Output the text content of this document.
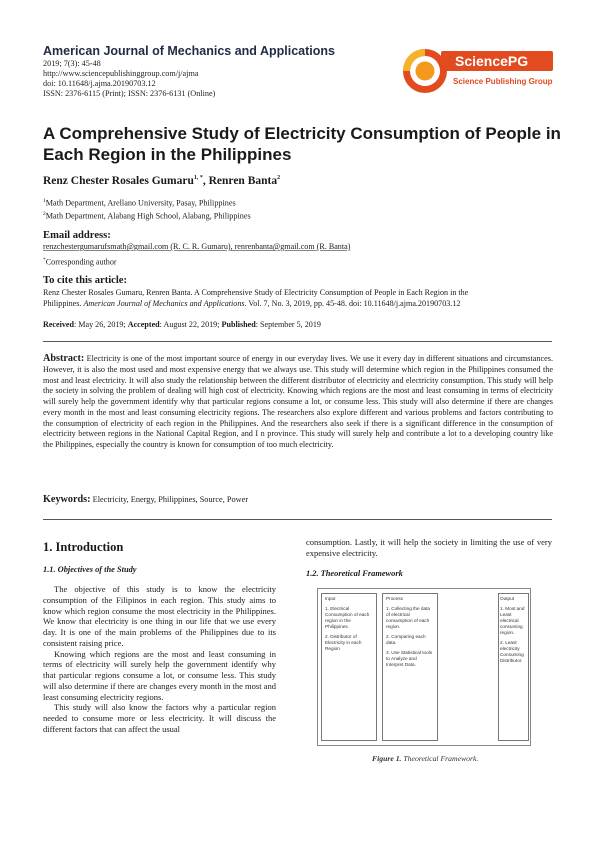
American Journal of Mechanics and Applications
2019; 7(3): 45-48
http://www.sciencepublishinggroup.com/j/ajma
doi: 10.11648/j.ajma.20190703.12
ISSN: 2376-6115 (Print); ISSN: 2376-6131 (Online)
SciencePG
Science Publishing Group
A Comprehensive Study of Electricity Consumption of People in Each Region in the Philippines
Renz Chester Rosales Gumaru$^{1, *}$, Renren Banta$^2$
$^1$Math Department, Arellano University, Pasay, Philippines
$^2$Math Department, Alabang High School, Alabang, Philippines
Email address:
renzchestergumarufsmath@gmail.com (R. C. R. Gumaru), renrenbanta@gmail.com (R. Banta)
*Corresponding author
To cite this article:
Renz Chester Rosales Gumaru, Renren Banta. A Comprehensive Study of Electricity Consumption of People in Each Region in the
Philippines. American Journal of Mechanics and Applications. Vol. 7, No. 3, 2019, pp. 45-48. doi: 10.11648/j.ajma.20190703.12
Received: May 26, 2019; Accepted: August 22, 2019; Published: September 5, 2019
Abstract: Electricity is one of the most important source of energy in our everyday lives. We use it every day in different situations and circumstances. However, it is also the most used and most expensive energy that we always use. This study will determine which region in the Philippines consumed the most and least electricity. It will also study the relationship between the different distributor of electricity and electricity consumption. This study will help the society in solving the problem of dealing will high cost of electricity. Knowing which regions are the most and least consuming in terms of electricity will surely help the government identify why that particular regions consume a lot, or consume less. This study will also determine if there are changes every month in the most and least consuming electricity regions. The researchers also explore different and various problems and factors contributing to the consumption of electricity of each region in the Philippines. And the researchers also seek if there is a significant difference in the consumption of electricity between regions in the National Capital Region, and I n province. This study will surely help and contribute a lot to a developing country like the Philippines, especially the country is known for consumption of too much electricity.
Keywords: Electricity, Energy, Philippines, Source, Power
1. Introduction
1.1. Objectives of the Study

The objective of this study is to know the electricity consumption of the Filipinos in each region. This study aims to know which region consume the most electricity in the Philippines. We know that electricity is one thing in our life that we use every day. It is one of the main problems of the Philippines due to its consistent raising price.

Knowing which regions are the most and least consuming in terms of electricity will surely help the government identify why that particular regions consume a lot, or consume less. This study will also determine if there are changes every month in the most and least consuming electricity regions.

This study will also know the factors why a particular region needed to consume more or less electricity. It will discuss the different factors that can affect the usual

consumption. Lastly, it will help the society in limiting the use of very expensive electricity.

1.2. Theoretical Framework
Input
1. Electrical Consumption of each region in the Philippines.
2. Distributor of Electricity in each Region
Process
1. Collecting the data of electrical consumption of each region.
2. Comparing each data.
3. Use Statistical tools to Analyze and Interpret Data.
Output
1. Most and Least electrical consuming region.
2. Least electricity Consuming Distributor.
Figure 1. Theoretical Framework.
